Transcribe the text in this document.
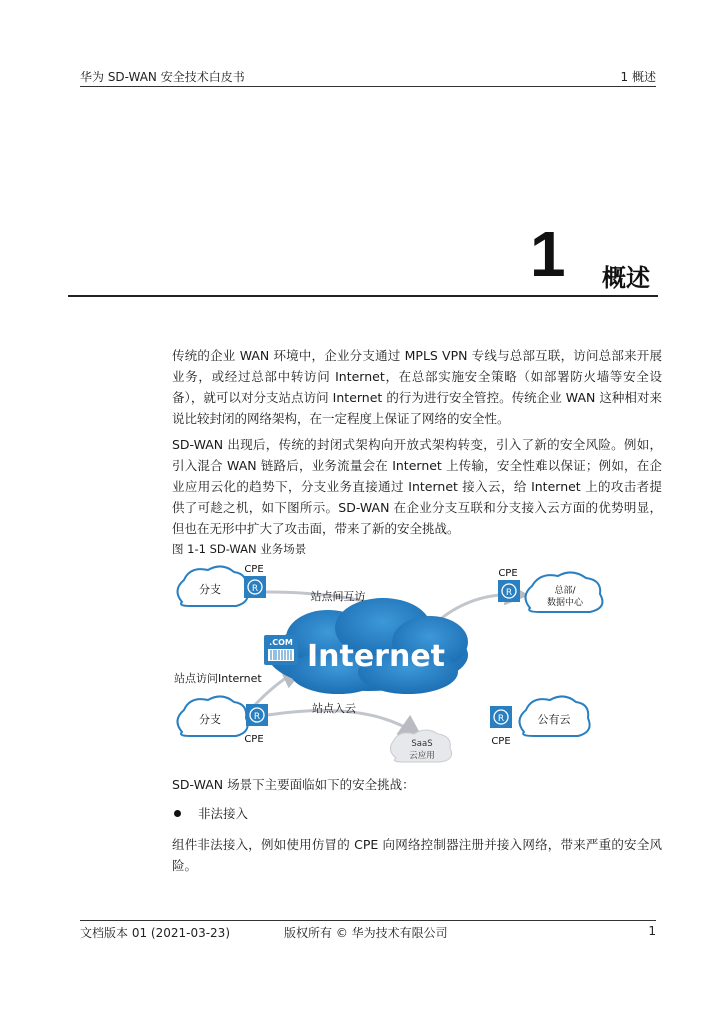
华为 SD-WAN 安全技术白皮书	1 概述
1 概述
传统的企业 WAN 环境中，企业分支通过 MPLS VPN 专线与总部互联，访问总部来开展业务，或经过总部中转访问 Internet，在总部实施安全策略（如部署防火墙等安全设备），就可以对分支站点访问 Internet 的行为进行安全管控。传统企业 WAN 这种相对来说比较封闭的网络架构，在一定程度上保证了网络的安全性。
SD-WAN 出现后，传统的封闭式架构向开放式架构转变，引入了新的安全风险。例如，引入混合 WAN 链路后，业务流量会在 Internet 上传输，安全性难以保证；例如，在企业应用云化的趋势下，分支业务直接通过 Internet 接入云，给 Internet 上的攻击者提供了可趁之机，如下图所示。SD-WAN 在企业分支互联和分支接入云方面的优势明显，但也在无形中扩大了攻击面，带来了新的安全挑战。
图 1-1 SD-WAN 业务场景
Internet
.COM
分支
CPE
R
站点间互访
CPE
R	总部/
数据中心
站点访问Internet
分支	R
CPE
站点入云
SaaS
云应用
R
CPE
公有云
SD-WAN 场景下主要面临如下的安全挑战：
非法接入
组件非法接入，例如使用仿冒的 CPE 向网络控制器注册并接入网络，带来严重的安全风险。
文档版本 01 (2021-03-23)	版权所有 © 华为技术有限公司	1
